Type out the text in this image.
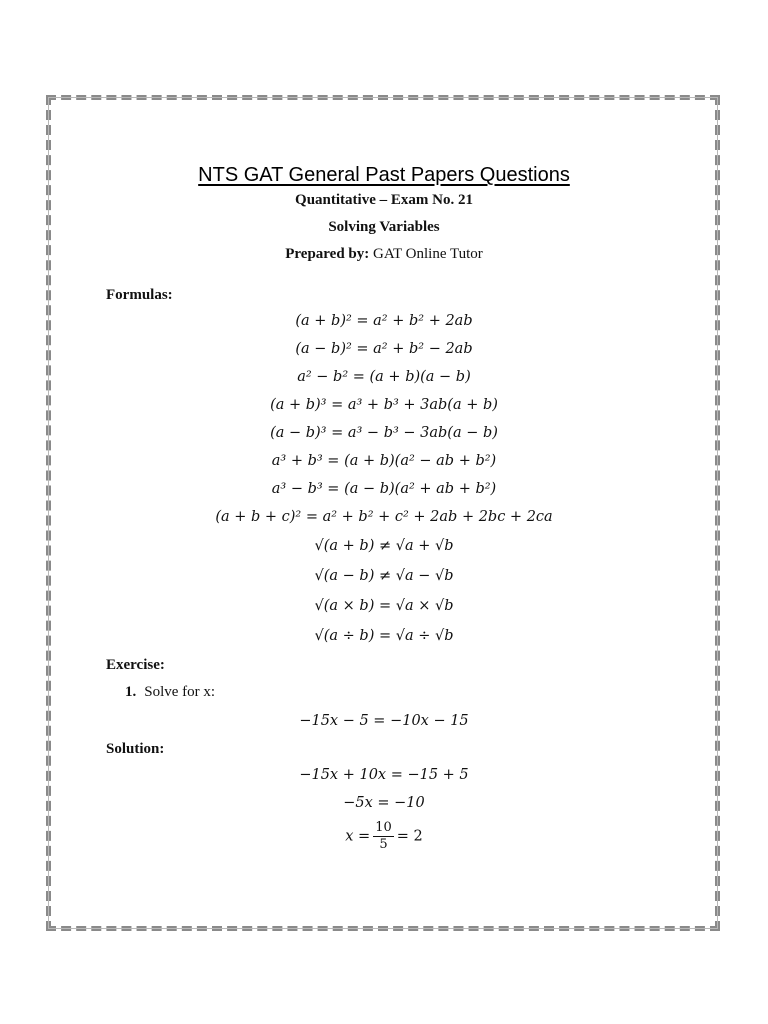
NTS GAT General Past Papers Questions
Quantitative – Exam No. 21
Solving Variables
Prepared by: GAT Online Tutor
Formulas:
(a + b)² = a² + b² + 2ab
(a − b)² = a² + b² − 2ab
a² − b² = (a + b)(a − b)
(a + b)³ = a³ + b³ + 3ab(a + b)
(a − b)³ = a³ − b³ − 3ab(a − b)
a³ + b³ = (a + b)(a² − ab + b²)
a³ − b³ = (a − b)(a² + ab + b²)
(a + b + c)² = a² + b² + c² + 2ab + 2bc + 2ca
√(a + b) ≠ √a + √b
√(a − b) ≠ √a − √b
√(a × b) = √a × √b
√(a ÷ b) = √a ÷ √b
Exercise:
1. Solve for x:
−15x − 5 = −10x − 15
Solution:
−15x + 10x = −15 + 5
−5x = −10
$x = \frac{10}{5} = 2$
